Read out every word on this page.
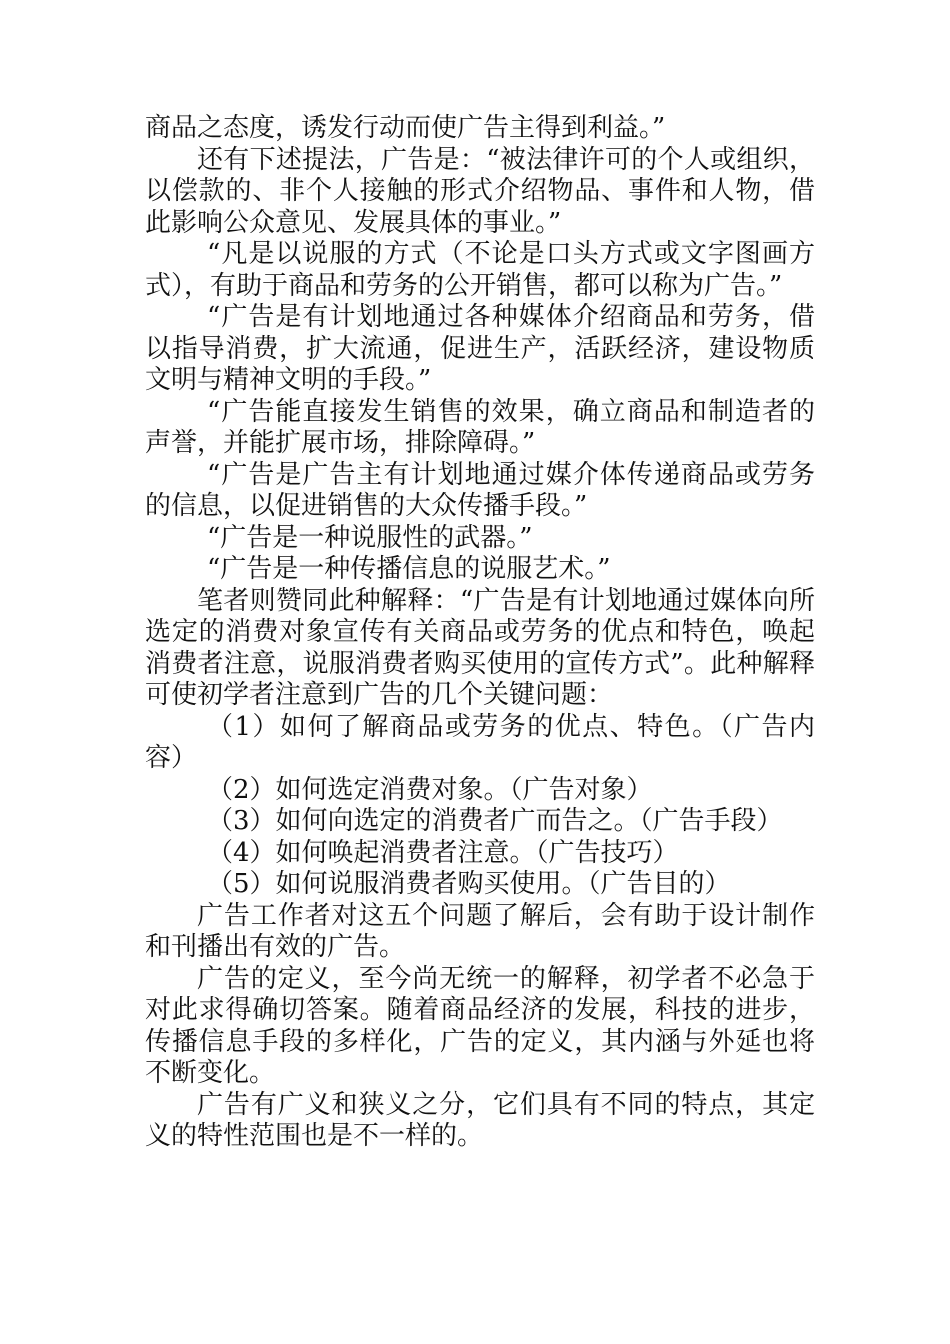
商品之态度，诱发行动而使广告主得到利益。”

还有下述提法，广告是：“被法律许可的个人或组织，以偿款的、非个人接触的形式介绍物品、事件和人物，借此影响公众意见、发展具体的事业。”

“凡是以说服的方式（不论是口头方式或文字图画方式），有助于商品和劳务的公开销售，都可以称为广告。”

“广告是有计划地通过各种媒体介绍商品和劳务，借以指导消费，扩大流通，促进生产，活跃经济，建设物质文明与精神文明的手段。”

“广告能直接发生销售的效果，确立商品和制造者的声誉，并能扩展市场，排除障碍。”

“广告是广告主有计划地通过媒介体传递商品或劳务的信息，以促进销售的大众传播手段。”

“广告是一种说服性的武器。”

“广告是一种传播信息的说服艺术。”

笔者则赞同此种解释：“广告是有计划地通过媒体向所选定的消费对象宣传有关商品或劳务的优点和特色，唤起消费者注意，说服消费者购买使用的宣传方式”。此种解释可使初学者注意到广告的几个关键问题：

（1）如何了解商品或劳务的优点、特色。（广告内容）

（2）如何选定消费对象。（广告对象）

（3）如何向选定的消费者广而告之。（广告手段）

（4）如何唤起消费者注意。（广告技巧）

（5）如何说服消费者购买使用。（广告目的）

广告工作者对这五个问题了解后，会有助于设计制作和刊播出有效的广告。

广告的定义，至今尚无统一的解释，初学者不必急于对此求得确切答案。随着商品经济的发展，科技的进步，传播信息手段的多样化，广告的定义，其内涵与外延也将不断变化。

广告有广义和狭义之分，它们具有不同的特点，其定义的特性范围也是不一样的。
